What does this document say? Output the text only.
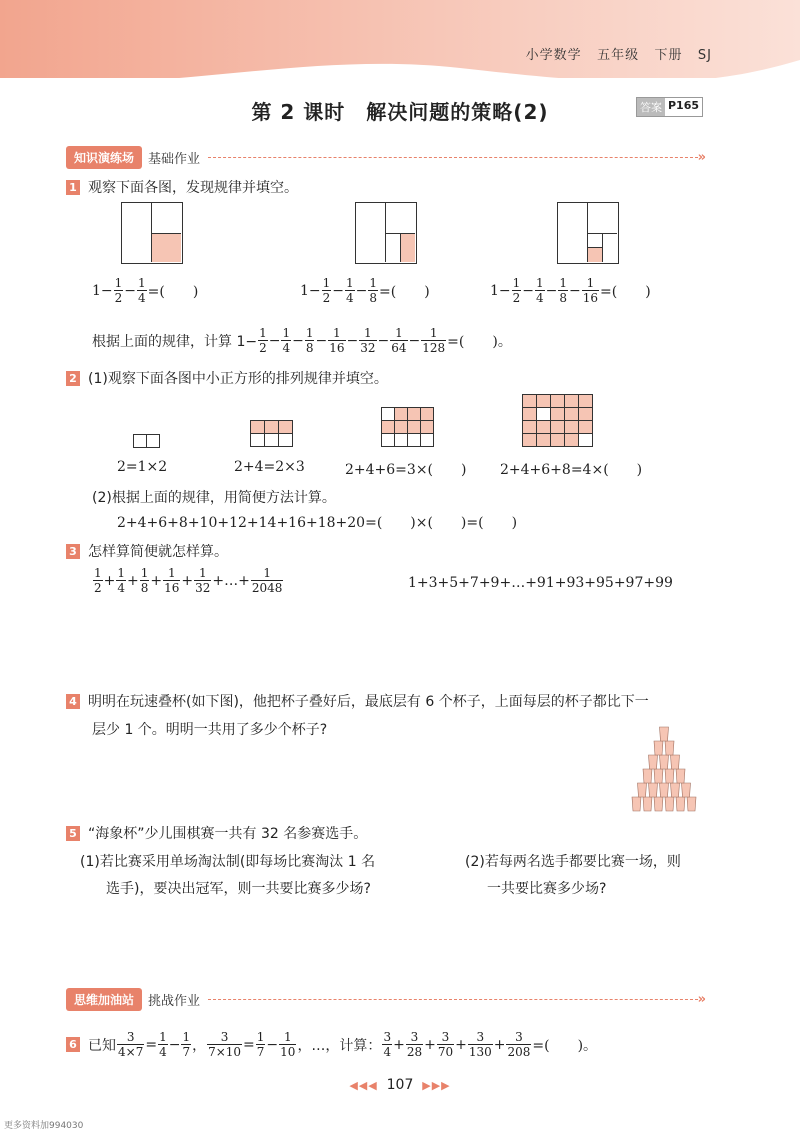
小学数学 五年级 下册 SJ
第 2 课时　解决问题的策略(2)	答案 P165
知识演练场	基础作业	»
1 观察下面各图，发现规律并填空。
$1- \frac{1}{2} - \frac{1}{4}$ =(　　)	$1- \frac{1}{2} - \frac{1}{4} - \frac{1}{8}$ =(　　)	$1- \frac{1}{2} - \frac{1}{4} - \frac{1}{8} - \frac{1}{16}$ =(　　)
根据上面的规律，计算 $1- \frac{1}{2} - \frac{1}{4} - \frac{1}{8} - \frac{1}{16} - \frac{1}{32} - \frac{1}{64} - \frac{1}{128}$ =(　　)。
2 (1)观察下面各图中小正方形的排列规律并填空。
2=1×2	2+4=2×3	2+4+6=3×(　　) 2+4+6+8=4×(　　)
(2)根据上面的规律，用简便方法计算。
2+4+6+8+10+12+14+16+18+20=(　　)×(　　)=(　　)
3 怎样算简便就怎样算。
$\frac{1}{2} + \frac{1}{4} + \frac{1}{8} + \frac{1}{16} + \frac{1}{32}$ +…+ $\frac{1}{2048}$	1+3+5+7+9+…+91+93+95+97+99
4 明明在玩速叠杯(如下图)，他把杯子叠好后，最底层有 6 个杯子，上面每层的杯子都比下一
层少 1 个。明明一共用了多少个杯子?
5 “海象杯”少儿围棋赛一共有 32 名参赛选手。
(1)若比赛采用单场淘汰制(即每场比赛淘汰 1 名
选手)，要决出冠军，则一共要比赛多少场?
(2)若每两名选手都要比赛一场，则
一共要比赛多少场?
思维加油站	挑战作业	»
6 已知 $\frac{3}{4\times 7} = \frac{1}{4} - \frac{1}{7}$ ， $\frac{3}{7\times 10} = \frac{1}{7} - \frac{1}{10}$ ，…，计算： $\frac{3}{4} + \frac{3}{28} + \frac{3}{70} + \frac{3}{130} + \frac{3}{208}$ =(　　)。
◀◀◀ 107 ▶▶▶
更多资料加994030
